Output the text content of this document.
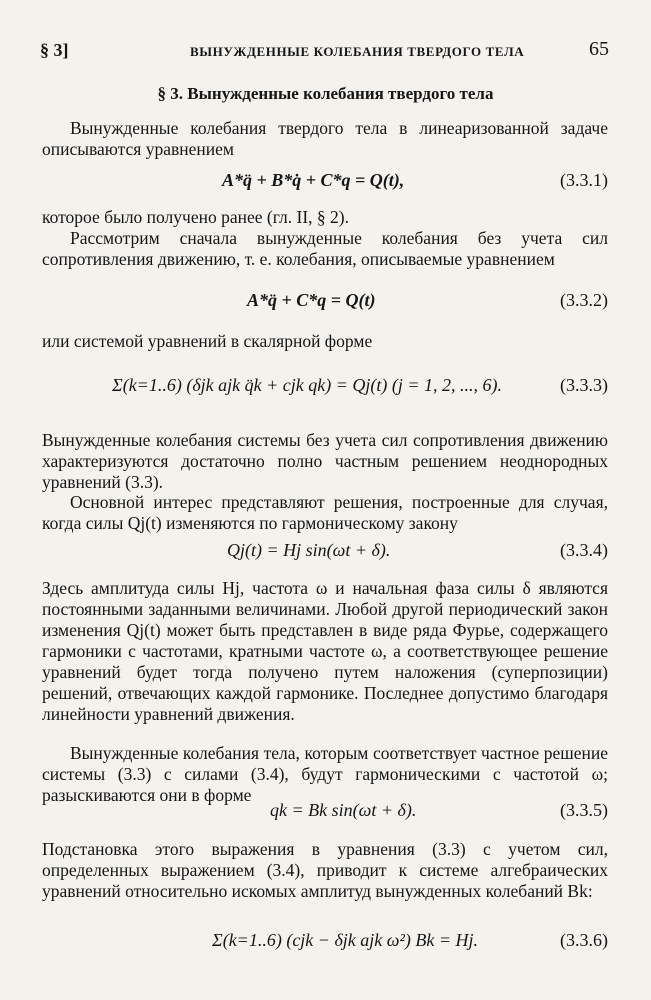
§ 3]	ВЫНУЖДЕННЫЕ КОЛЕБАНИЯ ТВЕРДОГО ТЕЛА	65
§ 3. Вынужденные колебания твердого тела
Вынужденные колебания твердого тела в линеаризованной задаче описываются уравнением
A*q̈ + B*q̇ + C*q = Q(t),	(3.3.1)
которое было получено ранее (гл. II, § 2).
Рассмотрим сначала вынужденные колебания без учета сил сопротивления движению, т. е. колебания, описываемые уравнением
A*q̈ + C*q = Q(t)	(3.3.2)
или системой уравнений в скалярной форме
Σ(k=1..6) (δjk ajk q̈k + cjk qk) = Qj(t) (j = 1, 2, ..., 6).	(3.3.3)
Вынужденные колебания системы без учета сил сопротивления движению характеризуются достаточно полно частным решением неоднородных уравнений (3.3).
Основной интерес представляют решения, построенные для случая, когда силы Qj(t) изменяются по гармоническому закону
Qj(t) = Hj sin(ωt + δ).	(3.3.4)
Здесь амплитуда силы Hj, частота ω и начальная фаза силы δ являются постоянными заданными величинами. Любой другой периодический закон изменения Qj(t) может быть представлен в виде ряда Фурье, содержащего гармоники с частотами, кратными частоте ω, а соответствующее решение уравнений будет тогда получено путем наложения (суперпозиции) решений, отвечающих каждой гармонике. Последнее допустимо благодаря линейности уравнений движения.
Вынужденные колебания тела, которым соответствует частное решение системы (3.3) с силами (3.4), будут гармоническими с частотой ω; разыскиваются они в форме
qk = Bk sin(ωt + δ).	(3.3.5)
Подстановка этого выражения в уравнения (3.3) с учетом сил, определенных выражением (3.4), приводит к системе алгебраических уравнений относительно искомых амплитуд вынужденных колебаний Bk:
Σ(k=1..6) (cjk − δjk ajk ω²) Bk = Hj.	(3.3.6)
